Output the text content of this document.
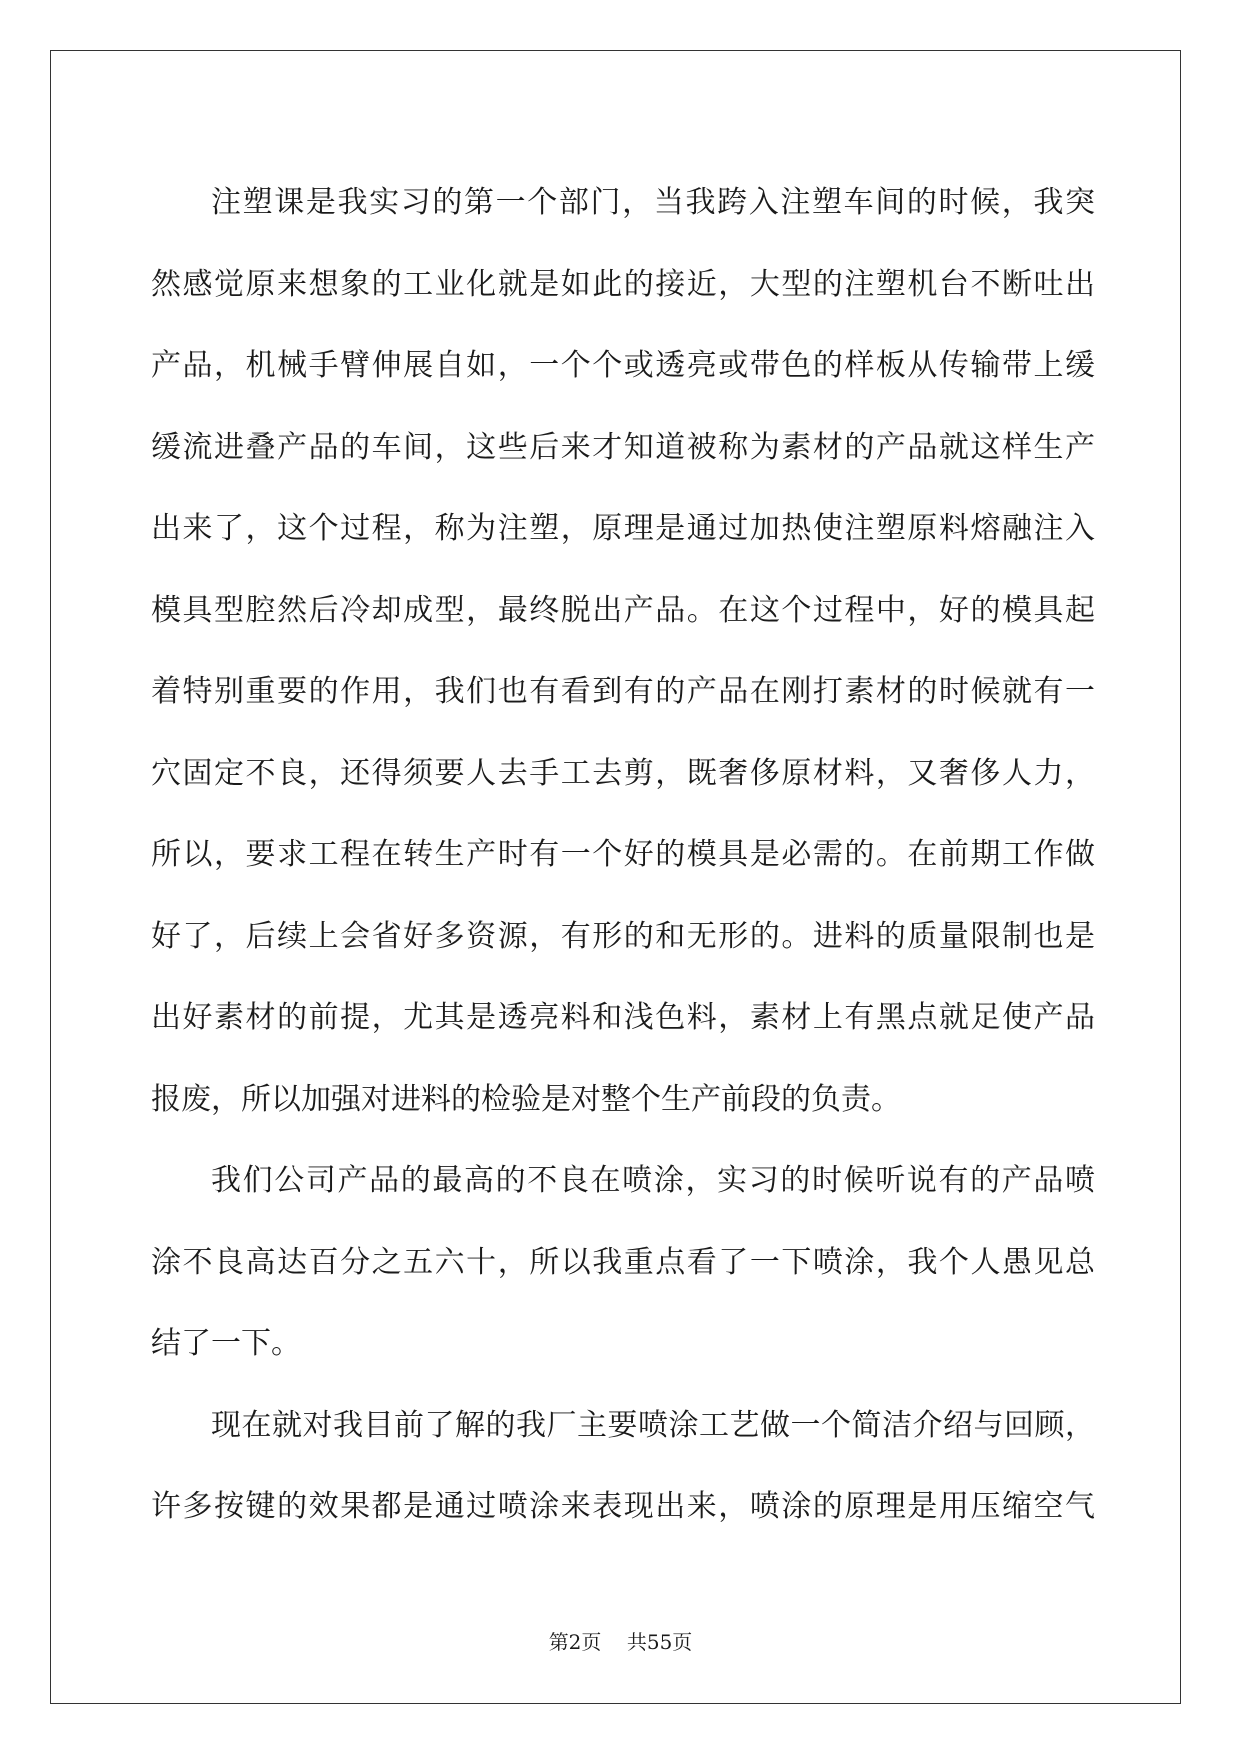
注塑课是我实习的第一个部门，当我跨入注塑车间的时候，我突
然感觉原来想象的工业化就是如此的接近，大型的注塑机台不断吐出
产品，机械手臂伸展自如，一个个或透亮或带色的样板从传输带上缓
缓流进叠产品的车间，这些后来才知道被称为素材的产品就这样生产
出来了，这个过程，称为注塑，原理是通过加热使注塑原料熔融注入
模具型腔然后冷却成型，最终脱出产品。在这个过程中，好的模具起
着特别重要的作用，我们也有看到有的产品在刚打素材的时候就有一
穴固定不良，还得须要人去手工去剪，既奢侈原材料，又奢侈人力，
所以，要求工程在转生产时有一个好的模具是必需的。在前期工作做
好了，后续上会省好多资源，有形的和无形的。进料的质量限制也是
出好素材的前提，尤其是透亮料和浅色料，素材上有黑点就足使产品
报废，所以加强对进料的检验是对整个生产前段的负责。
我们公司产品的最高的不良在喷涂，实习的时候听说有的产品喷
涂不良高达百分之五六十，所以我重点看了一下喷涂，我个人愚见总
结了一下。
现在就对我目前了解的我厂主要喷涂工艺做一个简洁介绍与回顾，
许多按键的效果都是通过喷涂来表现出来，喷涂的原理是用压缩空气
第2页 共55页
